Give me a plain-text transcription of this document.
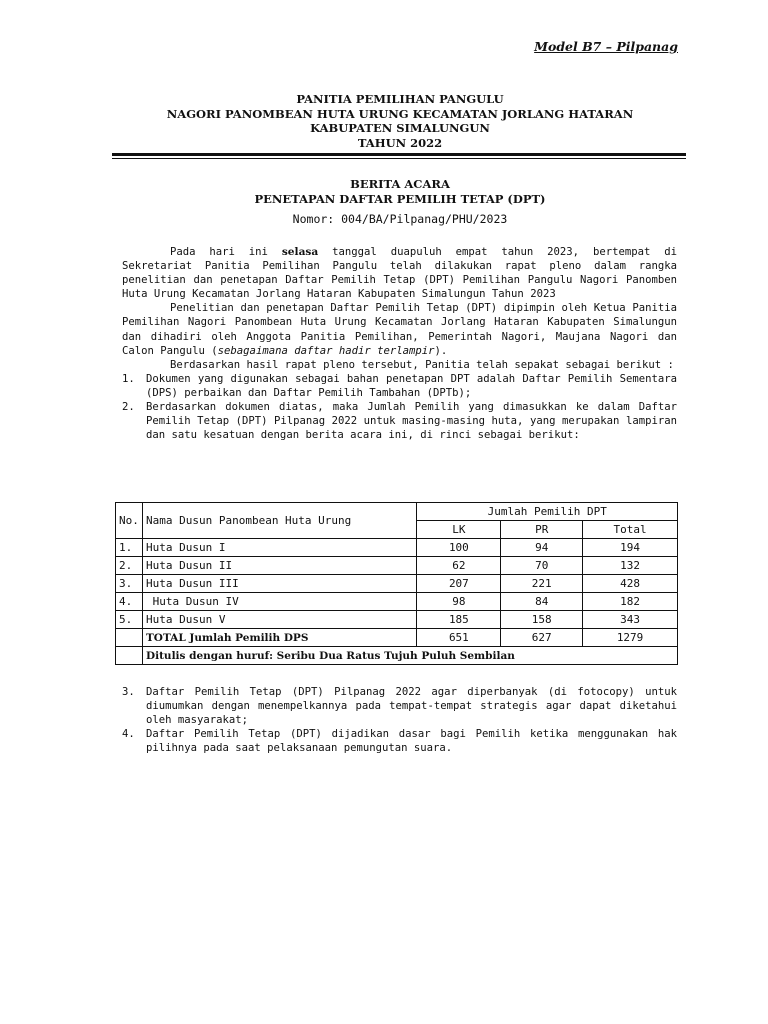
Model B7 – Pilpanag
PANITIA PEMILIHAN PANGULU
NAGORI PANOMBEAN HUTA URUNG KECAMATAN JORLANG HATARAN
KABUPATEN SIMALUNGUN
TAHUN 2022
BERITA ACARA
PENETAPAN DAFTAR PEMILIH TETAP (DPT)
Nomor: 004/BA/Pilpanag/PHU/2023

Pada hari ini selasa tanggal duapuluh empat tahun 2023, bertempat di Sekretariat Panitia Pemilihan Pangulu telah dilakukan rapat pleno dalam rangka penelitian dan penetapan Daftar Pemilih Tetap (DPT) Pemilihan Pangulu Nagori Panomben Huta Urung Kecamatan Jorlang Hataran Kabupaten Simalungun Tahun 2023

Penelitian dan penetapan Daftar Pemilih Tetap (DPT) dipimpin oleh Ketua Panitia Pemilihan Nagori Panombean Huta Urung Kecamatan Jorlang Hataran Kabupaten Simalungun dan dihadiri oleh Anggota Panitia Pemilihan, Pemerintah Nagori, Maujana Nagori dan Calon Pangulu (sebagaimana daftar hadir terlampir).

Berdasarkan hasil rapat pleno tersebut, Panitia telah sepakat sebagai berikut :

1.	Dokumen yang digunakan sebagai bahan penetapan DPT adalah Daftar Pemilih Sementara (DPS) perbaikan dan Daftar Pemilih Tambahan (DPTb);
2.	Berdasarkan dokumen diatas, maka Jumlah Pemilih yang dimasukkan ke dalam Daftar Pemilih Tetap (DPT) Pilpanag 2022 untuk masing-masing huta, yang merupakan lampiran dan satu kesatuan dengan berita acara ini, di rinci sebagai berikut:
No.	Nama Dusun Panombean Huta Urung	Jumlah Pemilih DPT		
		LK	PR	Total
1.	Huta Dusun I	100	94	194
2.	Huta Dusun II	62	70	132
3.	Huta Dusun III	207	221	428
4.	Huta Dusun IV	98	84	182
5.	Huta Dusun V	185	158	343
	TOTAL Jumlah Pemilih DPS	651	627	1279
	Ditulis dengan huruf: Seribu Dua Ratus Tujuh Puluh Sembilan			
3.	Daftar Pemilih Tetap (DPT) Pilpanag 2022 agar diperbanyak (di fotocopy) untuk diumumkan dengan menempelkannya pada tempat-tempat strategis agar dapat diketahui oleh masyarakat;
4.	Daftar Pemilih Tetap (DPT) dijadikan dasar bagi Pemilih ketika menggunakan hak pilihnya pada saat pelaksanaan pemungutan suara.
